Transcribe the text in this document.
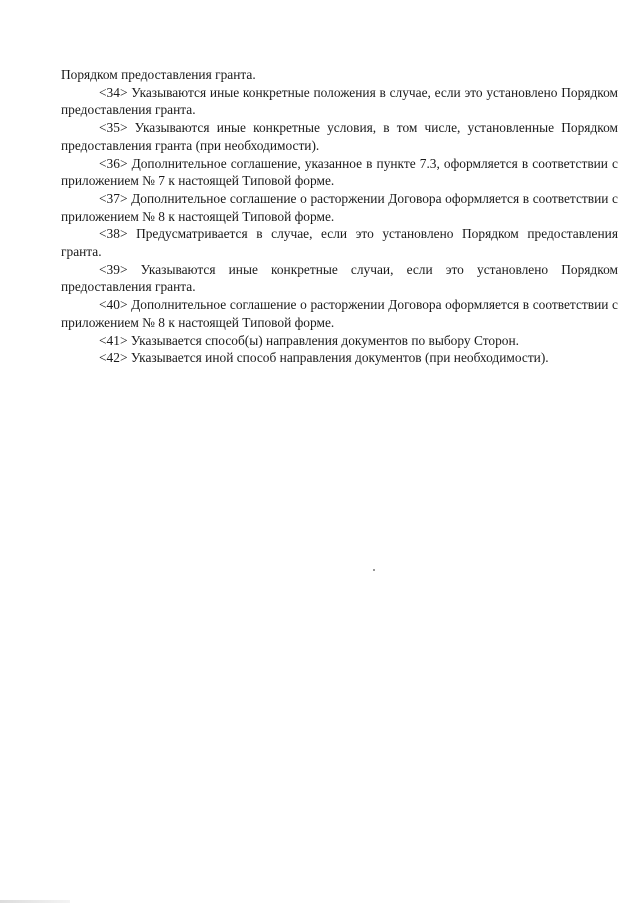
Порядком предоставления гранта.

<34> Указываются иные конкретные положения в случае, если это установлено Порядком предоставления гранта.

<35> Указываются иные конкретные условия, в том числе, установленные Порядком предоставления гранта (при необходимости).

<36> Дополнительное соглашение, указанное в пункте 7.3, оформляется в соответствии с приложением № 7 к настоящей Типовой форме.

<37> Дополнительное соглашение о расторжении Договора оформляется в соответствии с приложением № 8 к настоящей Типовой форме.

<38> Предусматривается в случае, если это установлено Порядком предоставления гранта.

<39> Указываются иные конкретные случаи, если это установлено Порядком предоставления гранта.

<40> Дополнительное соглашение о расторжении Договора оформляется в соответствии с приложением № 8 к настоящей Типовой форме.

<41> Указывается способ(ы) направления документов по выбору Сторон.

<42> Указывается иной способ направления документов (при необходимости).
